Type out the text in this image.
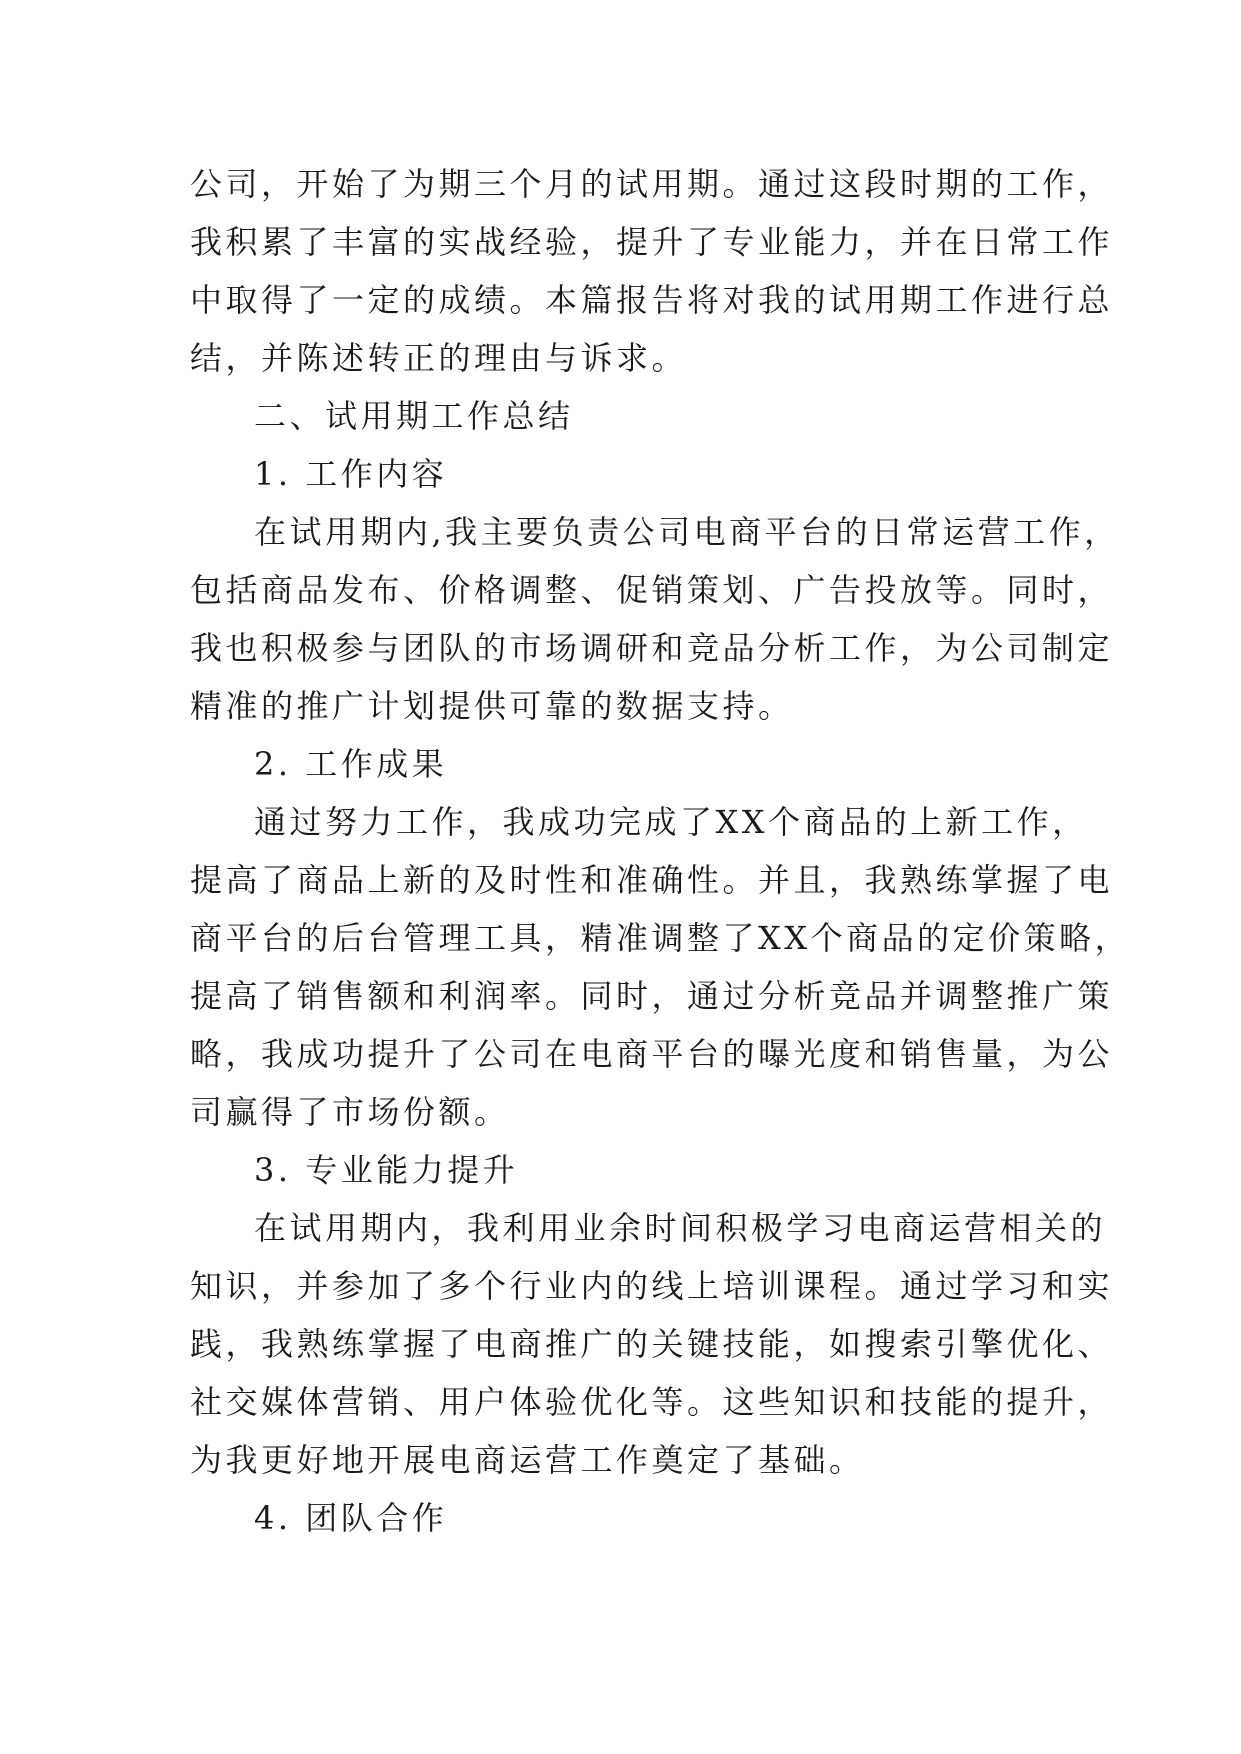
公司，开始了为期三个月的试用期。通过这段时期的工作，
我积累了丰富的实战经验，提升了专业能力，并在日常工作
中取得了一定的成绩。本篇报告将对我的试用期工作进行总
结，并陈述转正的理由与诉求。
二、试用期工作总结
1. 工作内容
在试用期内,我主要负责公司电商平台的日常运营工作，
包括商品发布、价格调整、促销策划、广告投放等。同时，
我也积极参与团队的市场调研和竞品分析工作，为公司制定
精准的推广计划提供可靠的数据支持。
2. 工作成果
通过努力工作，我成功完成了XX个商品的上新工作，
提高了商品上新的及时性和准确性。并且，我熟练掌握了电
商平台的后台管理工具，精准调整了XX个商品的定价策略，
提高了销售额和利润率。同时，通过分析竞品并调整推广策
略，我成功提升了公司在电商平台的曝光度和销售量，为公
司赢得了市场份额。
3. 专业能力提升
在试用期内，我利用业余时间积极学习电商运营相关的
知识，并参加了多个行业内的线上培训课程。通过学习和实
践，我熟练掌握了电商推广的关键技能，如搜索引擎优化、
社交媒体营销、用户体验优化等。这些知识和技能的提升，
为我更好地开展电商运营工作奠定了基础。
4. 团队合作
